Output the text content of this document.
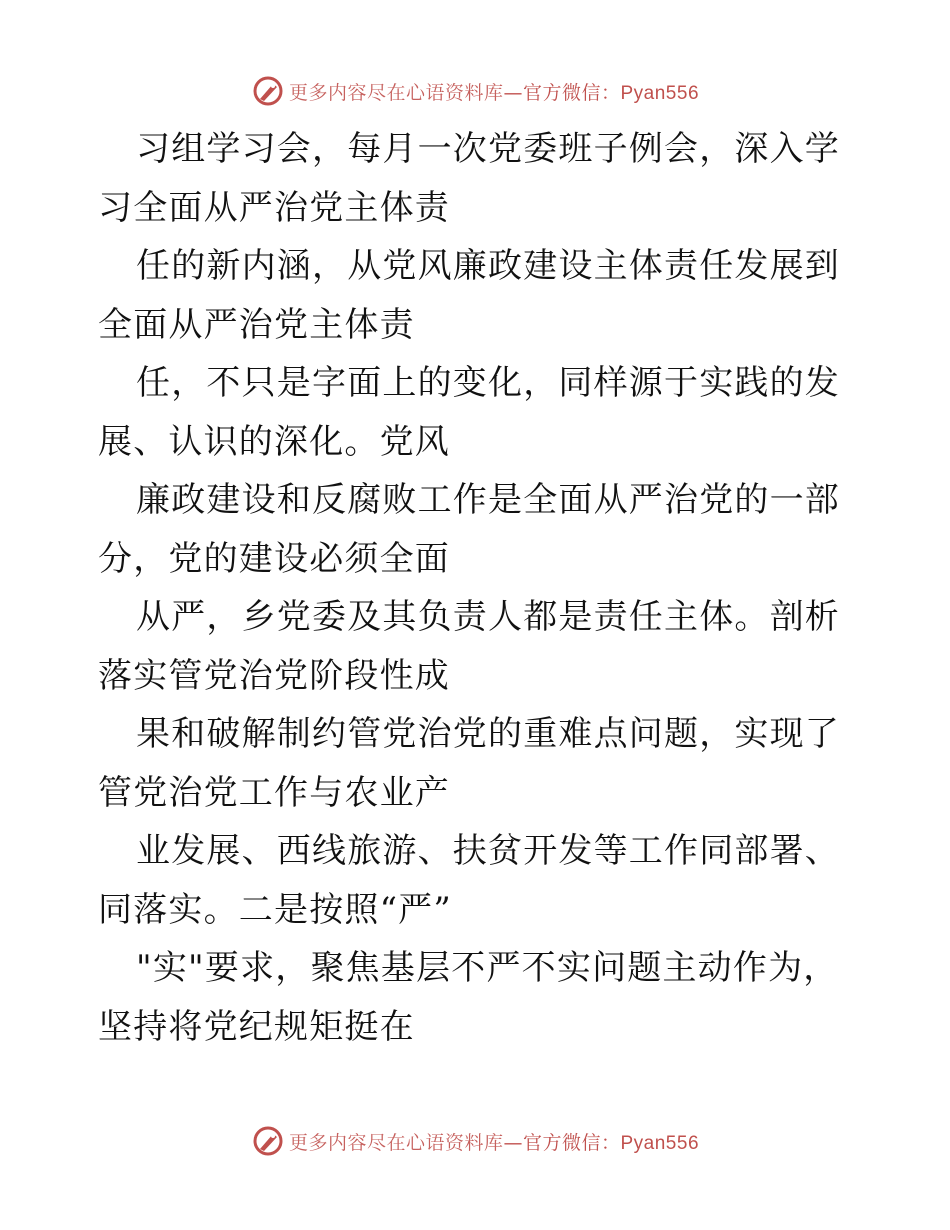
更多内容尽在心语资料库—官方微信：Pyan556

习组学习会，每月一次党委班子例会，深入学习全面从严治党主体责

任的新内涵，从党风廉政建设主体责任发展到全面从严治党主体责

任，不只是字面上的变化，同样源于实践的发展、认识的深化。党风

廉政建设和反腐败工作是全面从严治党的一部分，党的建设必须全面

从严，乡党委及其负责人都是责任主体。剖析落实管党治党阶段性成

果和破解制约管党治党的重难点问题，实现了管党治党工作与农业产

业发展、西线旅游、扶贫开发等工作同部署、同落实。二是按照“严”

"实"要求，聚焦基层不严不实问题主动作为，坚持将党纪规矩挺在

更多内容尽在心语资料库—官方微信：Pyan556
